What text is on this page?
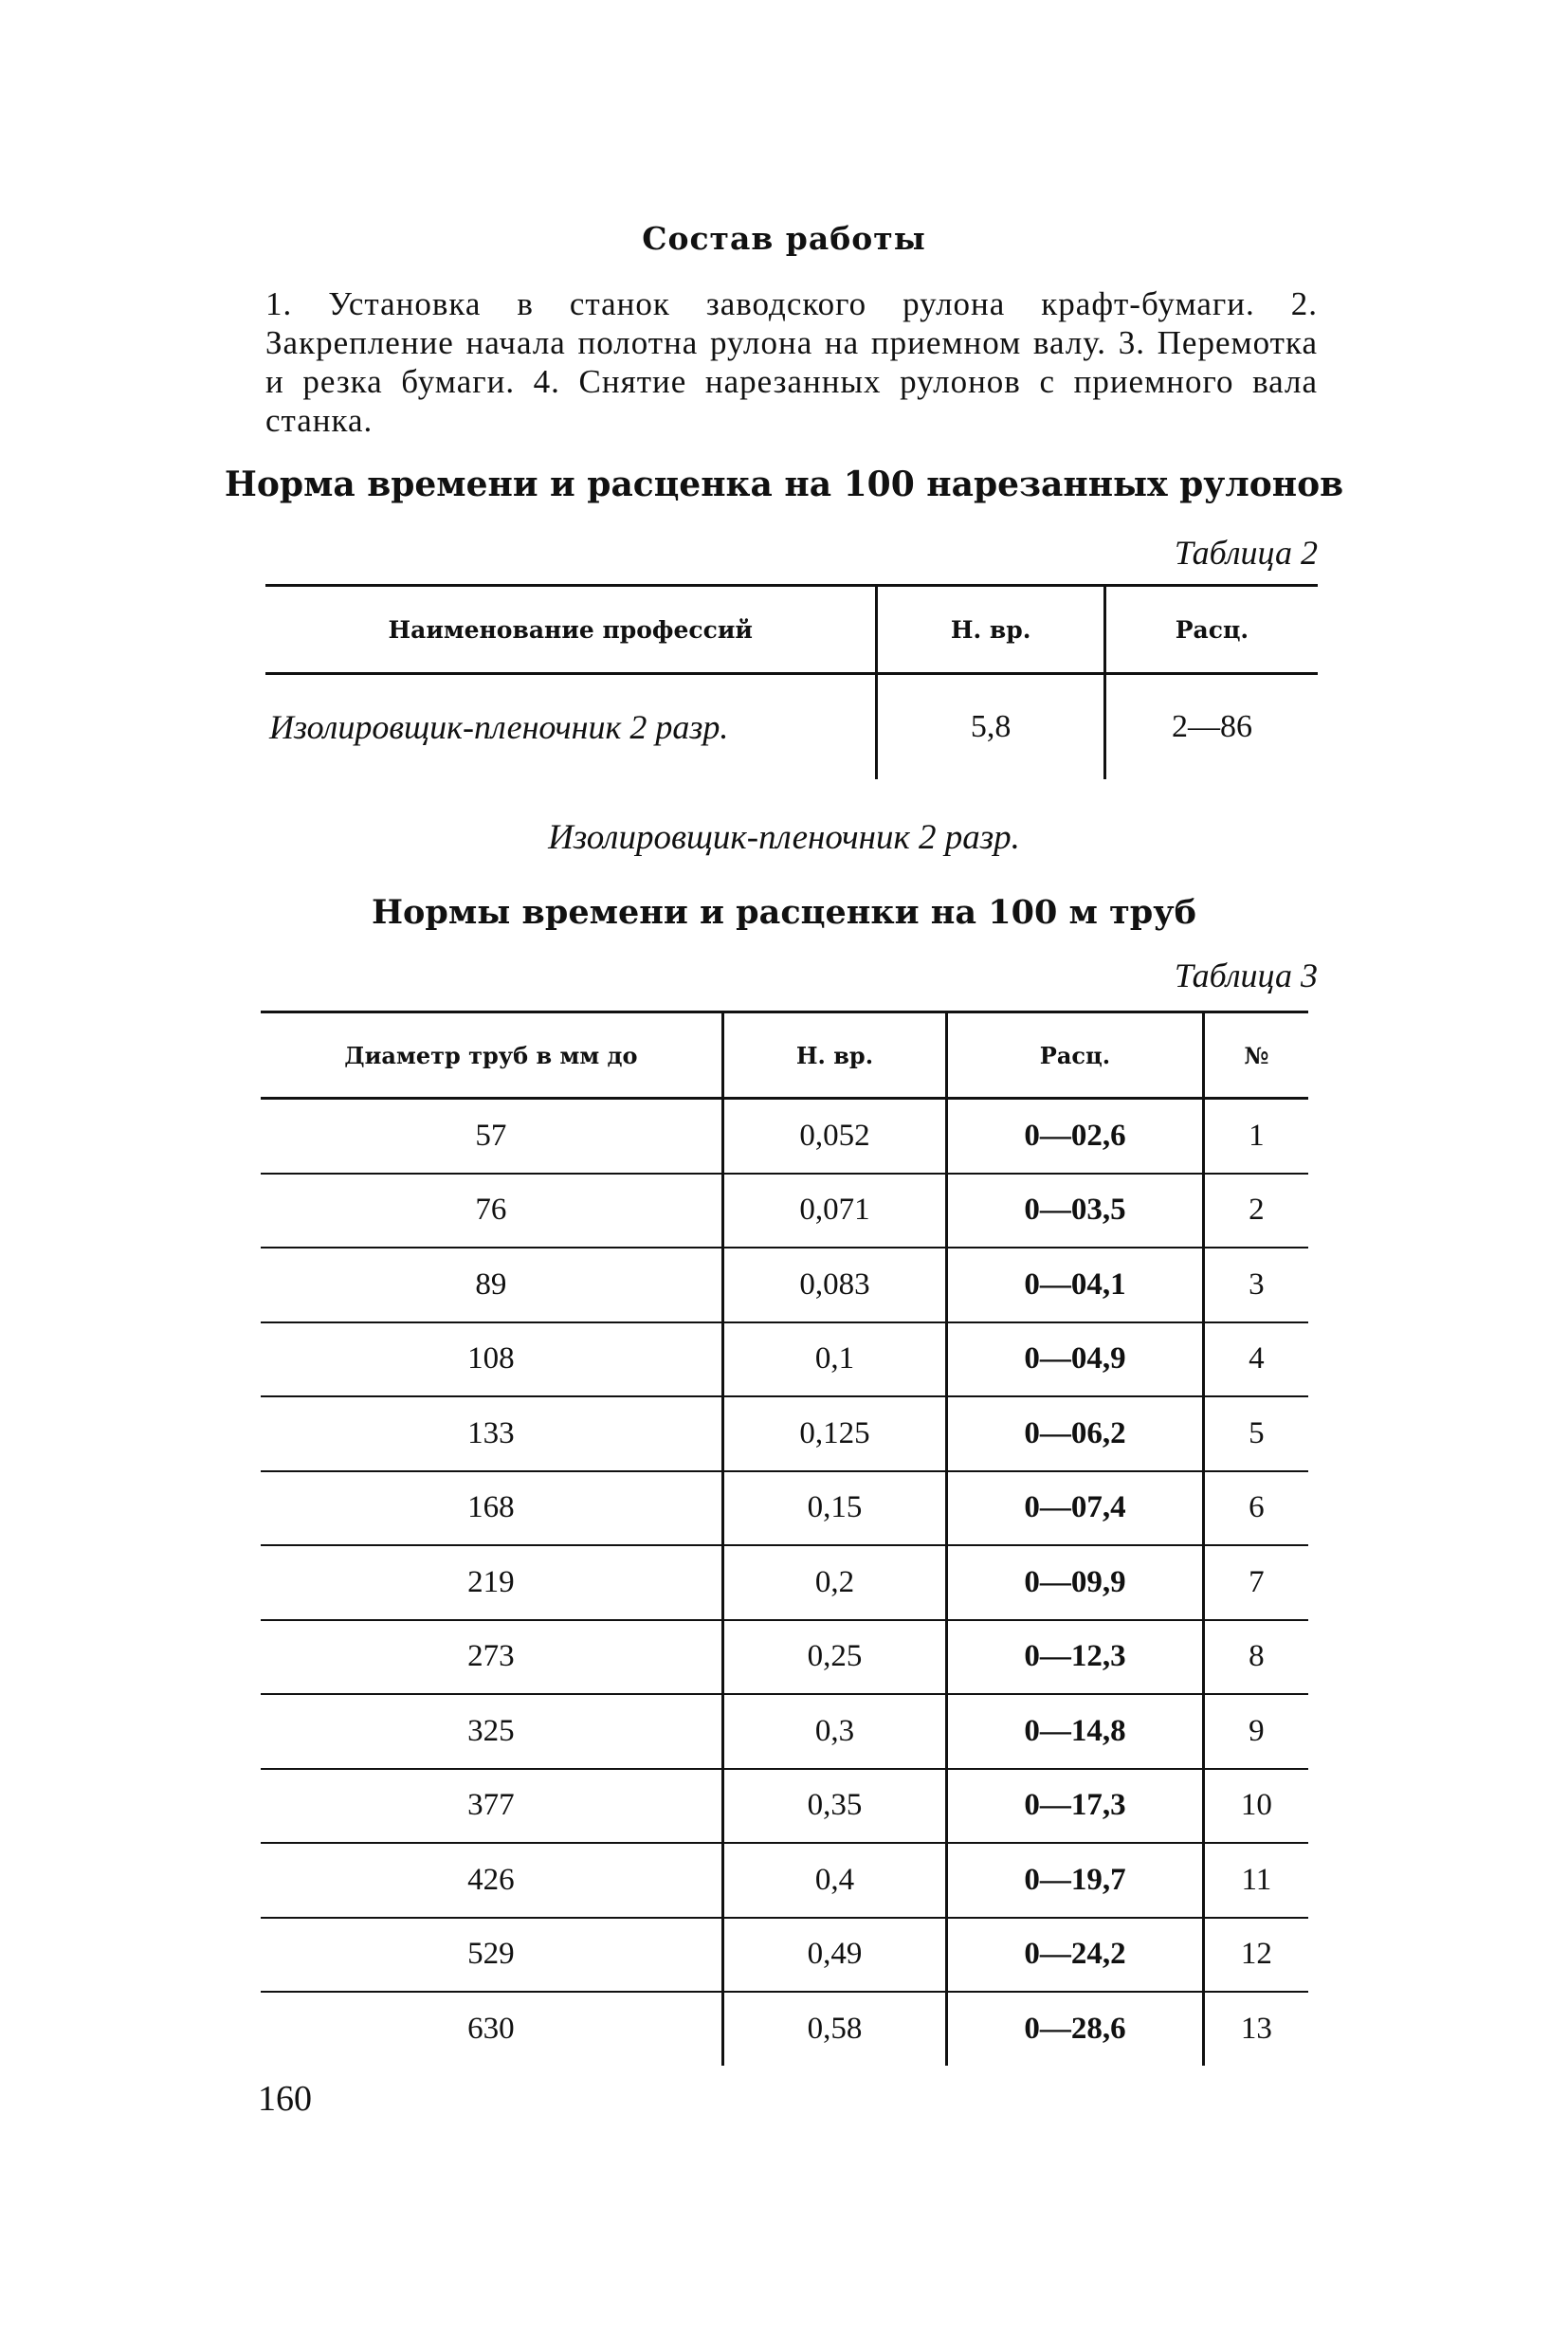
Состав работы
1. Установка в станок заводского рулона крафт-бумаги. 2. Закрепление начала полотна рулона на приемном валу. 3. Перемотка и резка бумаги. 4. Снятие нарезанных рулонов с приемного вала станка.
Норма времени и расценка на 100 нарезанных рулонов
Таблица 2
Наименование профессий	Н. вр.	Расц.
Изолировщик-пленочник 2 разр.	5,8	2—86
Изолировщик-пленочник 2 разр.
Нормы времени и расценки на 100 м труб
Таблица 3
Диаметр труб в мм до	Н. вр.	Расц.	№
57	0,052	0—02,6	1
76	0,071	0—03,5	2
89	0,083	0—04,1	3
108	0,1	0—04,9	4
133	0,125	0—06,2	5
168	0,15	0—07,4	6
219	0,2	0—09,9	7
273	0,25	0—12,3	8
325	0,3	0—14,8	9
377	0,35	0—17,3	10
426	0,4	0—19,7	11
529	0,49	0—24,2	12
630	0,58	0—28,6	13
160
